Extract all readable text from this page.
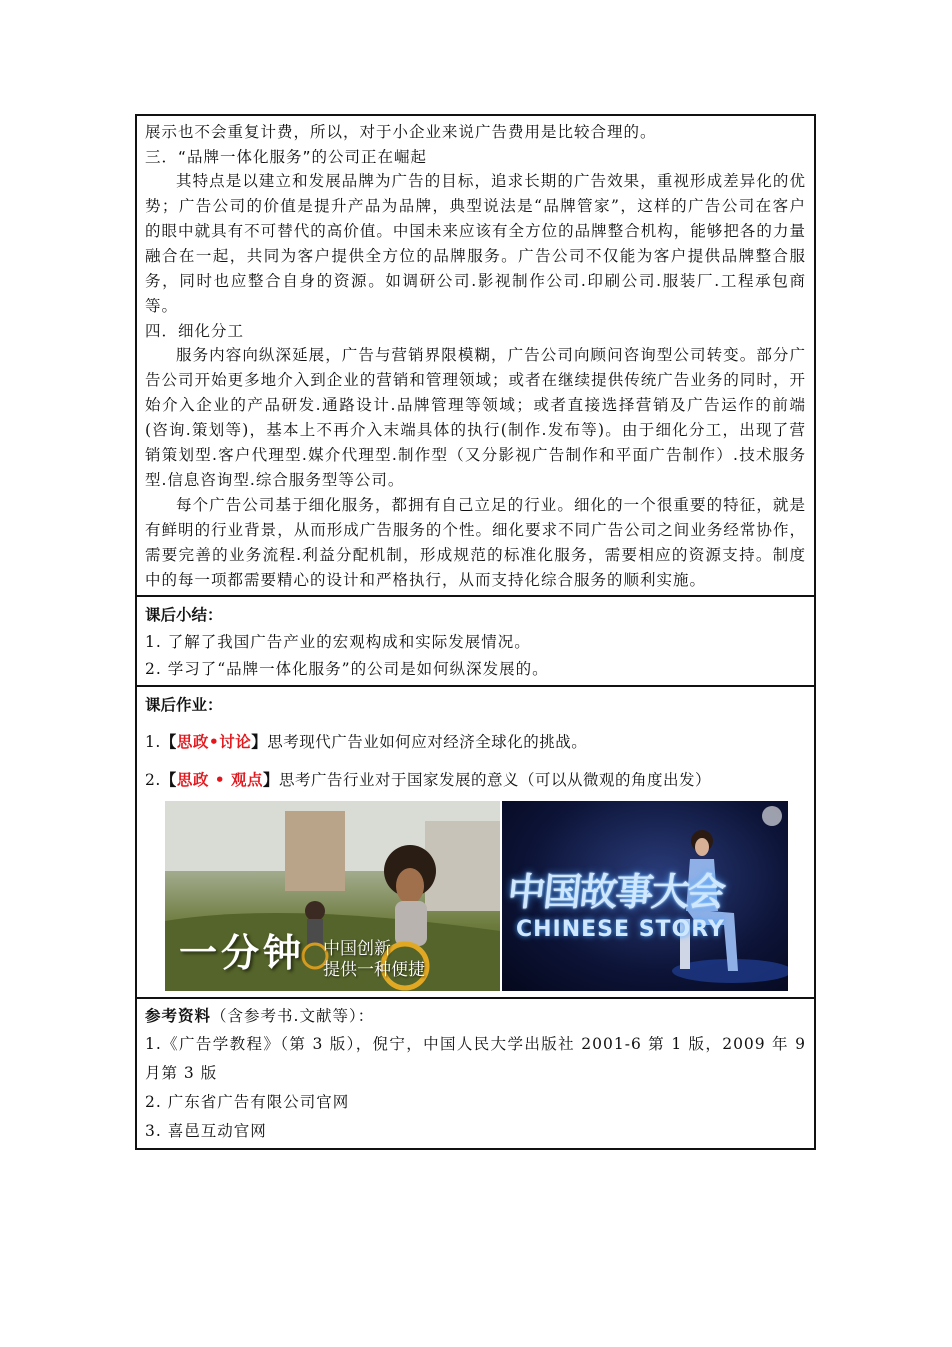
展示也不会重复计费，所以，对于小企业来说广告费用是比较合理的。

三．“品牌一体化服务”的公司正在崛起

其特点是以建立和发展品牌为广告的目标，追求长期的广告效果，重视形成差异化的优势；广告公司的价值是提升产品为品牌，典型说法是“品牌管家”，这样的广告公司在客户的眼中就具有不可替代的高价值。中国未来应该有全方位的品牌整合机构，能够把各的力量融合在一起，共同为客户提供全方位的品牌服务。广告公司不仅能为客户提供品牌整合服务，同时也应整合自身的资源。如调研公司.影视制作公司.印刷公司.服装厂.工程承包商等。

四．细化分工

服务内容向纵深延展，广告与营销界限模糊，广告公司向顾问咨询型公司转变。部分广告公司开始更多地介入到企业的营销和管理领域；或者在继续提供传统广告业务的同时，开始介入企业的产品研发.通路设计.品牌管理等领域；或者直接选择营销及广告运作的前端(咨询.策划等)，基本上不再介入末端具体的执行(制作.发布等)。由于细化分工，出现了营销策划型.客户代理型.媒介代理型.制作型（又分影视广告制作和平面广告制作）.技术服务型.信息咨询型.综合服务型等公司。

每个广告公司基于细化服务，都拥有自己立足的行业。细化的一个很重要的特征，就是有鲜明的行业背景，从而形成广告服务的个性。细化要求不同广告公司之间业务经常协作，需要完善的业务流程.利益分配机制，形成规范的标准化服务，需要相应的资源支持。制度中的每一项都需要精心的设计和严格执行，从而支持化综合服务的顺利实施。

课后小结：

1. 了解了我国广告产业的宏观构成和实际发展情况。

2. 学习了“品牌一体化服务”的公司是如何纵深发展的。

课后作业：

1.【思政•讨论】思考现代广告业如何应对经济全球化的挑战。

2.【思政 • 观点】思考广告行业对于国家发展的意义（可以从微观的角度出发）

一分钟 中国创新
提供一种便捷
中国故事大会
CHINESE STORY

参考资料（含参考书.文献等）：

1.《广告学教程》（第 3 版），倪宁，中国人民大学出版社 2001-6 第 1 版，2009 年 9 月第 3 版

2. 广东省广告有限公司官网

3. 喜邑互动官网
